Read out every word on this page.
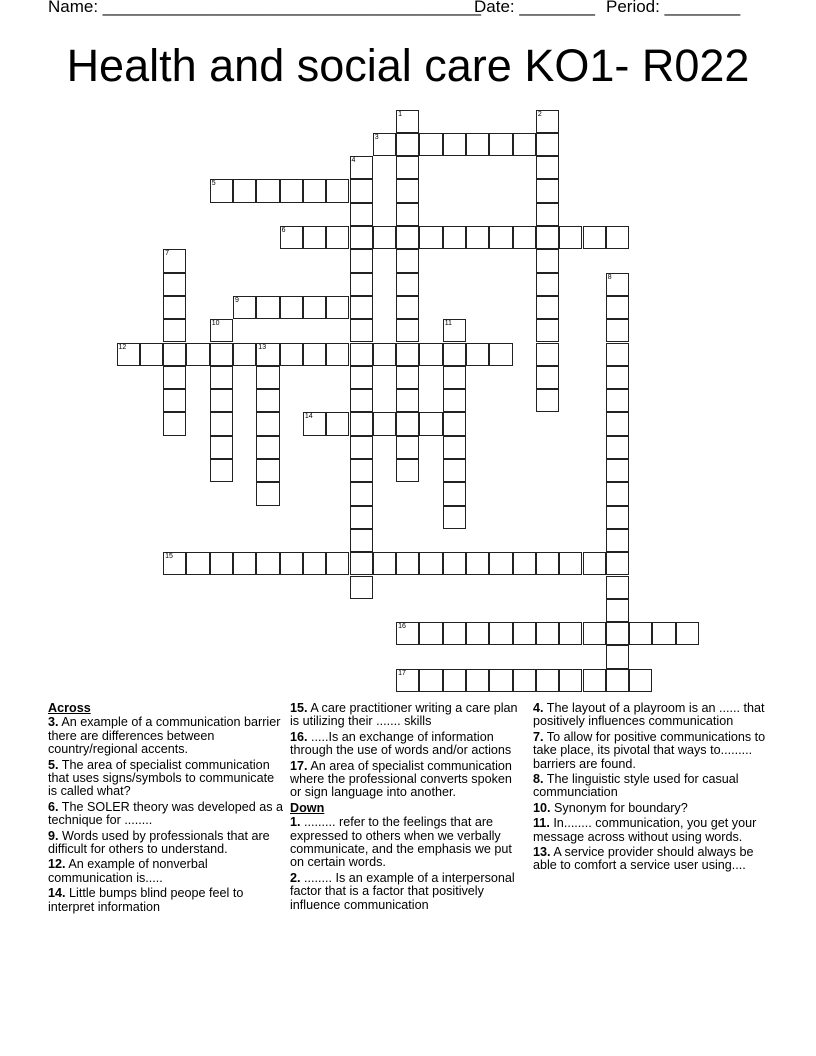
Name: ________________________________________
Date: ________ Period: ________
Health and social care KO1- R022
1	2
3
4
5
6
7
8
9
10	11
12	13
14
15
16
17
Across
3. An example of a communication barrier there are differences between country/regional accents.
5. The area of specialist communication that uses signs/symbols to communicate is called what?
6. The SOLER theory was developed as a technique for ........
9. Words used by professionals that are difficult for others to understand.
12. An example of nonverbal communication is.....
14. Little bumps blind peope feel to interpret information
15. A care practitioner writing a care plan is utilizing their ....... skills
16. .....Is an exchange of information through the use of words and/or actions
17. An area of specialist communication where the professional converts spoken or sign language into another.
Down
1. ......... refer to the feelings that are expressed to others when we verbally communicate, and the emphasis we put on certain words.
2. ........ Is an example of a interpersonal factor that is a factor that positively influence communication
4. The layout of a playroom is an ...... that positively influences communication
7. To allow for positive communications to take place, its pivotal that ways to......... barriers are found.
8. The linguistic style used for casual communciation
10. Synonym for boundary?
11. In........ communication, you get your message across without using words.
13. A service provider should always be able to comfort a service user using....
